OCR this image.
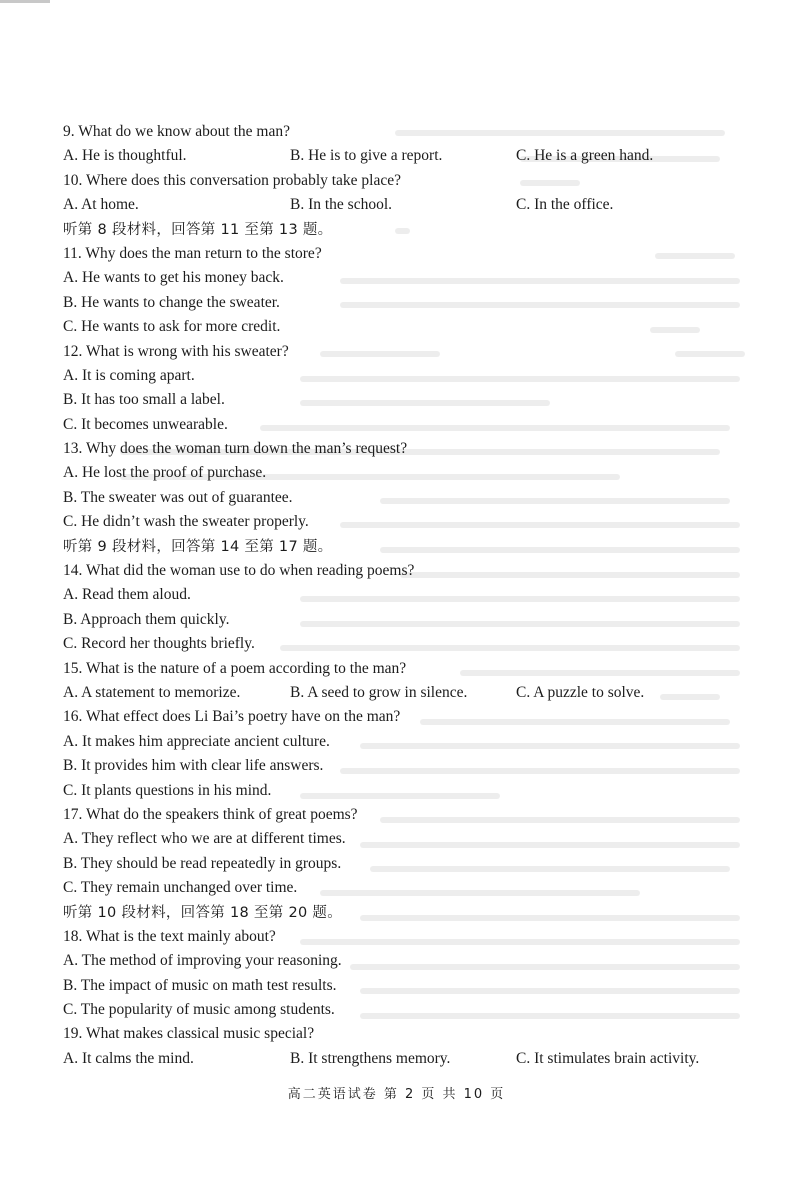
9. What do we know about the man?
A. He is thoughtful.	B. He is to give a report.	C. He is a green hand.
10. Where does this conversation probably take place?
A. At home.	B. In the school.	C. In the office.
听第 8 段材料，回答第 11 至第 13 题。
11. Why does the man return to the store?
A. He wants to get his money back.
B. He wants to change the sweater.
C. He wants to ask for more credit.
12. What is wrong with his sweater?
A. It is coming apart.
B. It has too small a label.
C. It becomes unwearable.
13. Why does the woman turn down the man’s request?
A. He lost the proof of purchase.
B. The sweater was out of guarantee.
C. He didn’t wash the sweater properly.
听第 9 段材料，回答第 14 至第 17 题。
14. What did the woman use to do when reading poems?
A. Read them aloud.
B. Approach them quickly.
C. Record her thoughts briefly.
15. What is the nature of a poem according to the man?
A. A statement to memorize.	B. A seed to grow in silence.	C. A puzzle to solve.
16. What effect does Li Bai’s poetry have on the man?
A. It makes him appreciate ancient culture.
B. It provides him with clear life answers.
C. It plants questions in his mind.
17. What do the speakers think of great poems?
A. They reflect who we are at different times.
B. They should be read repeatedly in groups.
C. They remain unchanged over time.
听第 10 段材料，回答第 18 至第 20 题。
18. What is the text mainly about?
A. The method of improving your reasoning.
B. The impact of music on math test results.
C. The popularity of music among students.
19. What makes classical music special?
A. It calms the mind.	B. It strengthens memory.	C. It stimulates brain activity.
高二英语试卷 第 2 页 共 10 页
